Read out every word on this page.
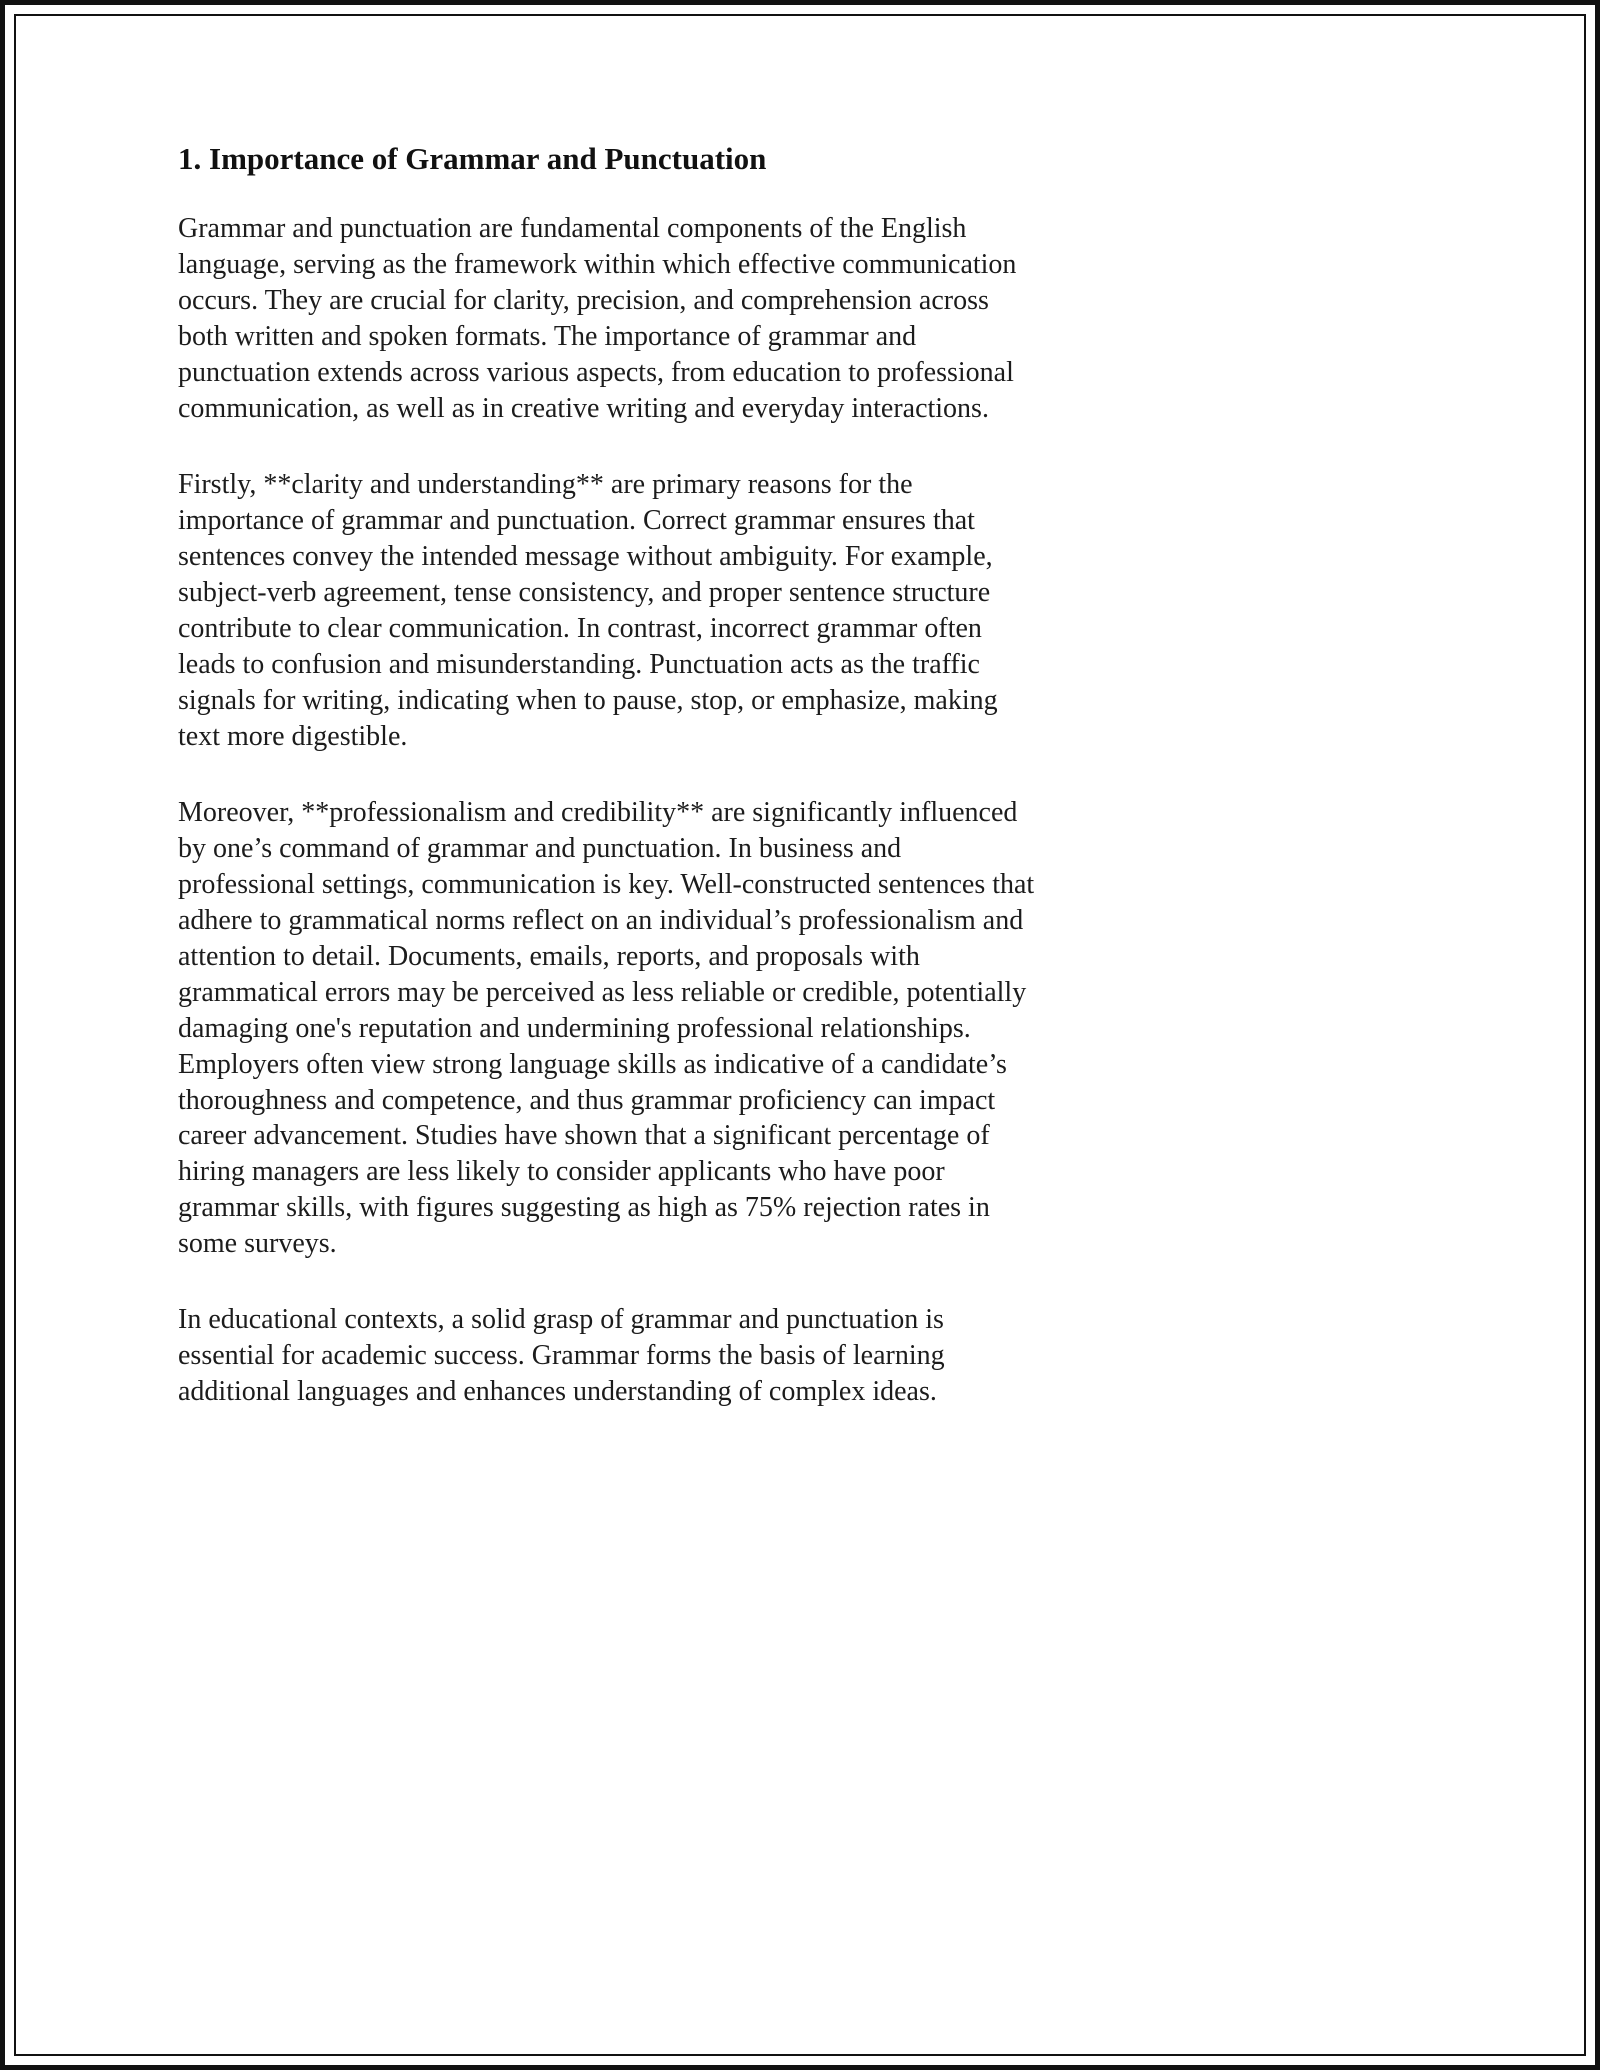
1. Importance of Grammar and Punctuation

Grammar and punctuation are fundamental components of the English language, serving as the framework within which effective communication occurs. They are crucial for clarity, precision, and comprehension across both written and spoken formats. The importance of grammar and punctuation extends across various aspects, from education to professional communication, as well as in creative writing and everyday interactions.

Firstly, **clarity and understanding** are primary reasons for the importance of grammar and punctuation. Correct grammar ensures that sentences convey the intended message without ambiguity. For example, subject-verb agreement, tense consistency, and proper sentence structure contribute to clear communication. In contrast, incorrect grammar often leads to confusion and misunderstanding. Punctuation acts as the traffic signals for writing, indicating when to pause, stop, or emphasize, making text more digestible.

Moreover, **professionalism and credibility** are significantly influenced by one’s command of grammar and punctuation. In business and professional settings, communication is key. Well-constructed sentences that adhere to grammatical norms reflect on an individual’s professionalism and attention to detail. Documents, emails, reports, and proposals with grammatical errors may be perceived as less reliable or credible, potentially damaging one's reputation and undermining professional relationships. Employers often view strong language skills as indicative of a candidate’s thoroughness and competence, and thus grammar proficiency can impact career advancement. Studies have shown that a significant percentage of hiring managers are less likely to consider applicants who have poor grammar skills, with figures suggesting as high as 75% rejection rates in some surveys.

In educational contexts, a solid grasp of grammar and punctuation is essential for academic success. Grammar forms the basis of learning additional languages and enhances understanding of complex ideas.
